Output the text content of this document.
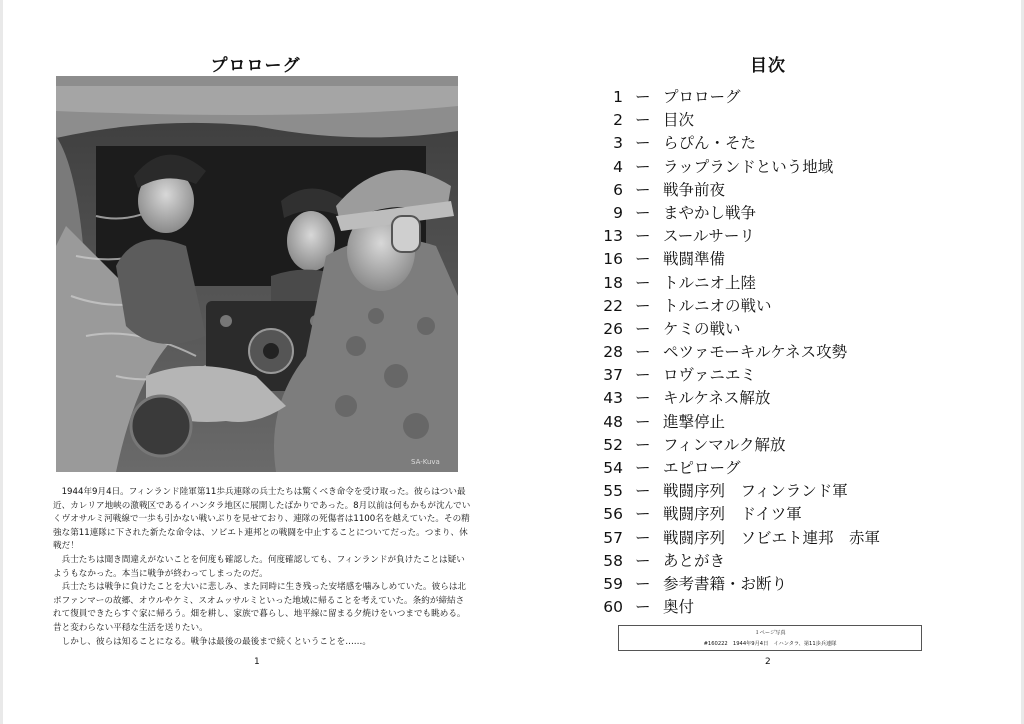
プロローグ
SA-Kuva

　1944年9月4日。フィンランド陸軍第11歩兵連隊の兵士たちは驚くべき命令を受け取った。彼らはつい最近、カレリア地峡の激戦区であるイハンタラ地区に展開したばかりであった。8月以前は何もかもが沈んでいくヴオサルミ河戦線で一歩も引かない戦いぶりを見せており、連隊の死傷者は1100名を越えていた。その精強な第11連隊に下された新たな命令は、ソビエト連邦との戦闘を中止することについてだった。つまり、休戦だ！

　兵士たちは聞き間違えがないことを何度も確認した。何度確認しても、フィンランドが負けたことは疑いようもなかった。本当に戦争が終わってしまったのだ。

　兵士たちは戦争に負けたことを大いに悲しみ、また同時に生き残った安堵感を噛みしめていた。彼らは北ポファンマーの故郷、オウルやケミ、スオムッサルミといった地域に帰ることを考えていた。条約が締結されて復員できたらすぐ家に帰ろう。畑を耕し、家族で暮らし、地平線に留まる夕焼けをいつまでも眺める。昔と変わらない平穏な生活を送りたい。

　しかし、彼らは知ることになる。戦争は最後の最後まで続くということを……。

1
目次
1 ー プロローグ
2 ー 目次
3 ー らぴん・そた
4 ー ラップランドという地域
6 ー 戦争前夜
9 ー まやかし戦争
13 ー スールサーリ
16 ー 戦闘準備
18 ー トルニオ上陸
22 ー トルニオの戦い
26 ー ケミの戦い
28 ー ペツァモーキルケネス攻勢
37 ー ロヴァニエミ
43 ー キルケネス解放
48 ー 進撃停止
52 ー フィンマルク解放
54 ー エピローグ
55 ー 戦闘序列　フィンランド軍
56 ー 戦闘序列　ドイツ軍
57 ー 戦闘序列　ソビエト連邦　赤軍
58 ー あとがき
59 ー 参考書籍・お断り
60 ー 奥付
１ページ写真
#160222　1944年9月4日　イハンタラ、第11歩兵連隊
2
